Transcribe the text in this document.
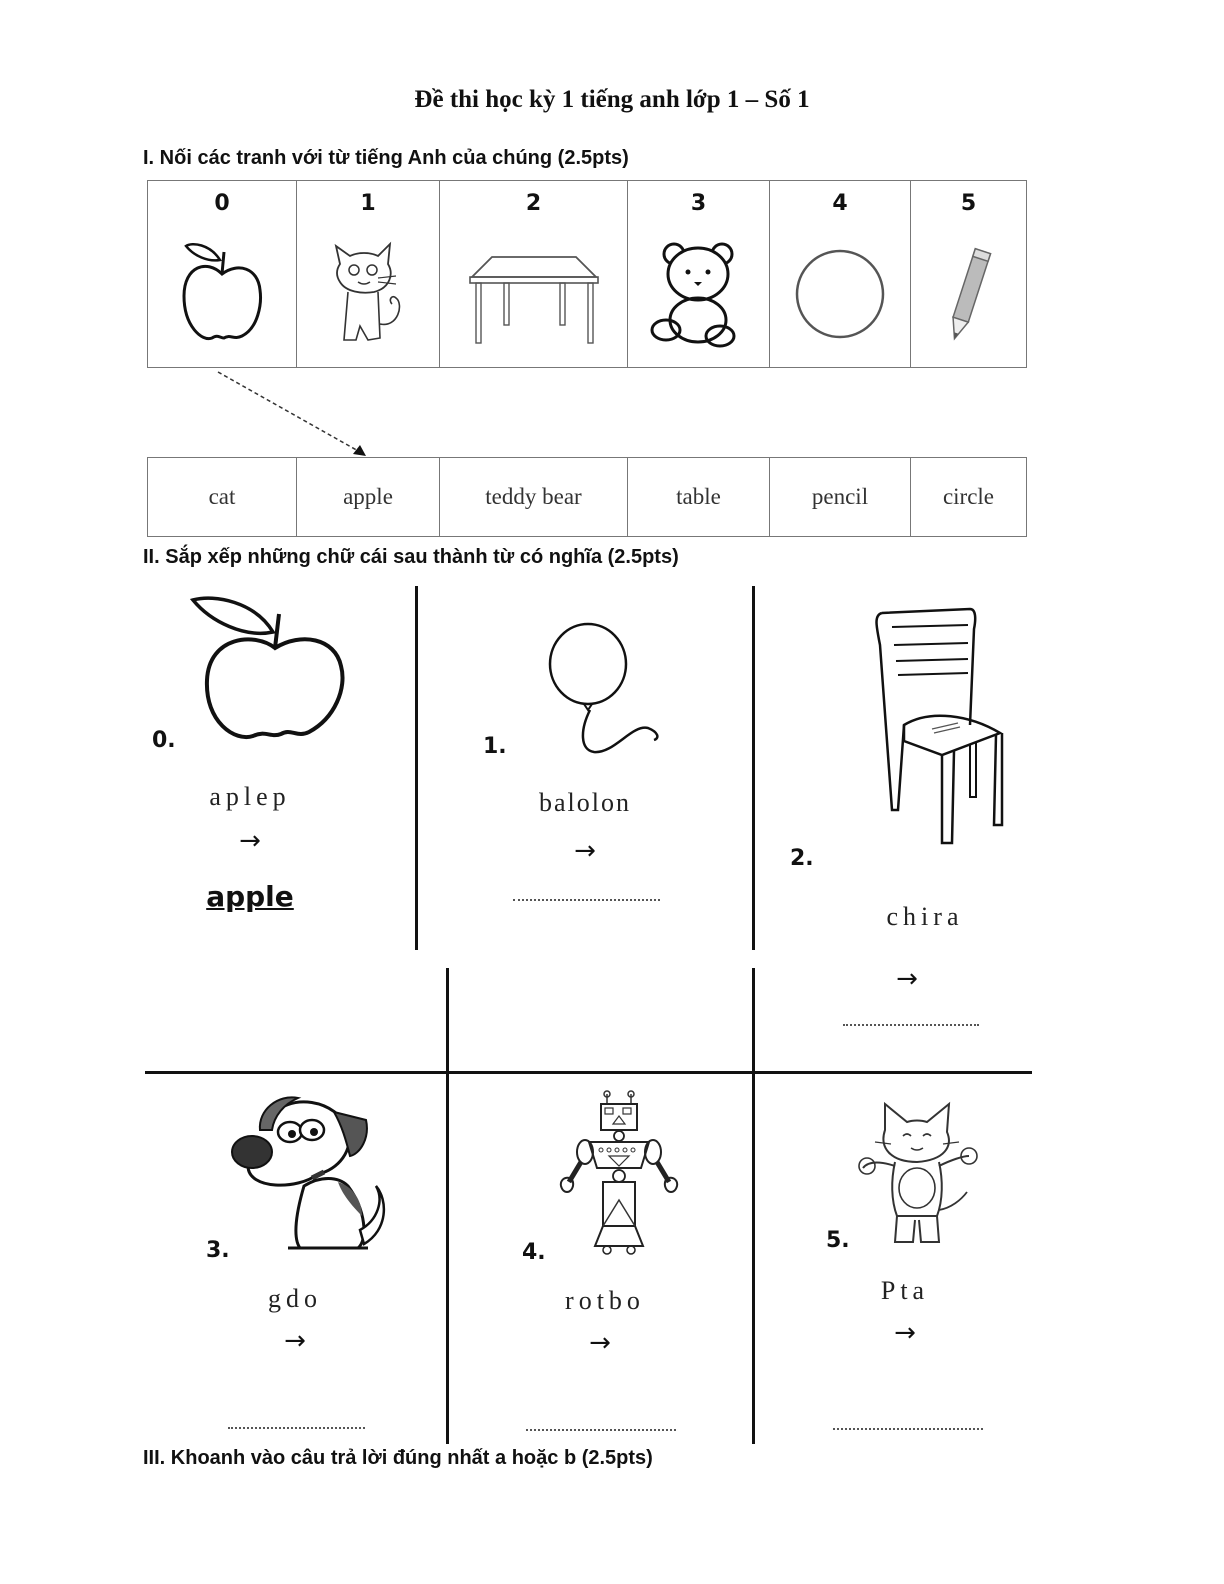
Đề thi học kỳ 1 tiếng anh lớp 1 – Số 1
I. Nối các tranh với từ tiếng Anh của chúng (2.5pts)
0	1	2	3	4	5
cat	apple	teddy bear	table	pencil	circle
II. Sắp xếp những chữ cái sau thành từ có nghĩa (2.5pts)
0.
aplep
→
apple
1.
balolon
→	2.
chira
→
3.
gdo
→
4.
rotbo
→
5.
Pta
→
III. Khoanh vào câu trả lời đúng nhất a hoặc b (2.5pts)
